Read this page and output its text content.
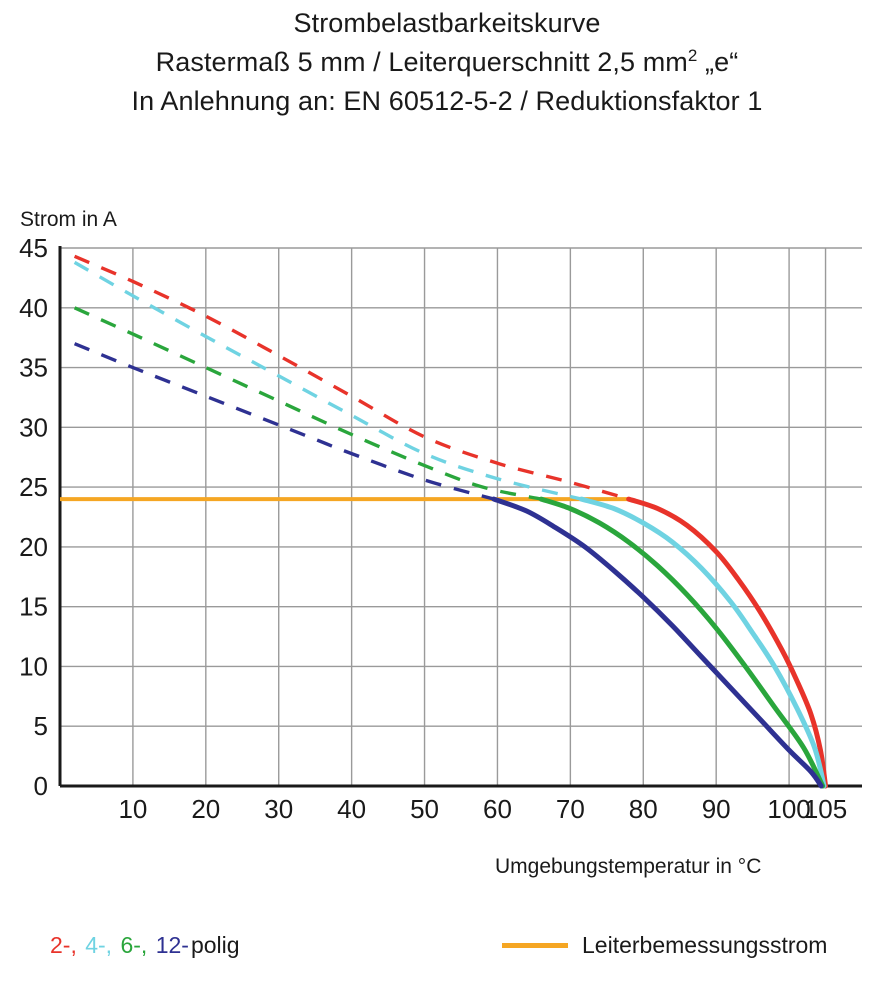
Strombelastbarkeitskurve
Rastermaß 5 mm / Leiterquerschnitt 2,5 $mm^2$ „e“
In Anlehnung an: EN 60512-5-2 / Reduktionsfaktor 1
Strom in A
Umgebungstemperatur in °C
0
5
10
15
20
25
30
35
40
45
10 20 30 40 50 60 70 80 90 100
105
2-, 4-, 6-, 12-polig	Leiterbemessungsstrom
